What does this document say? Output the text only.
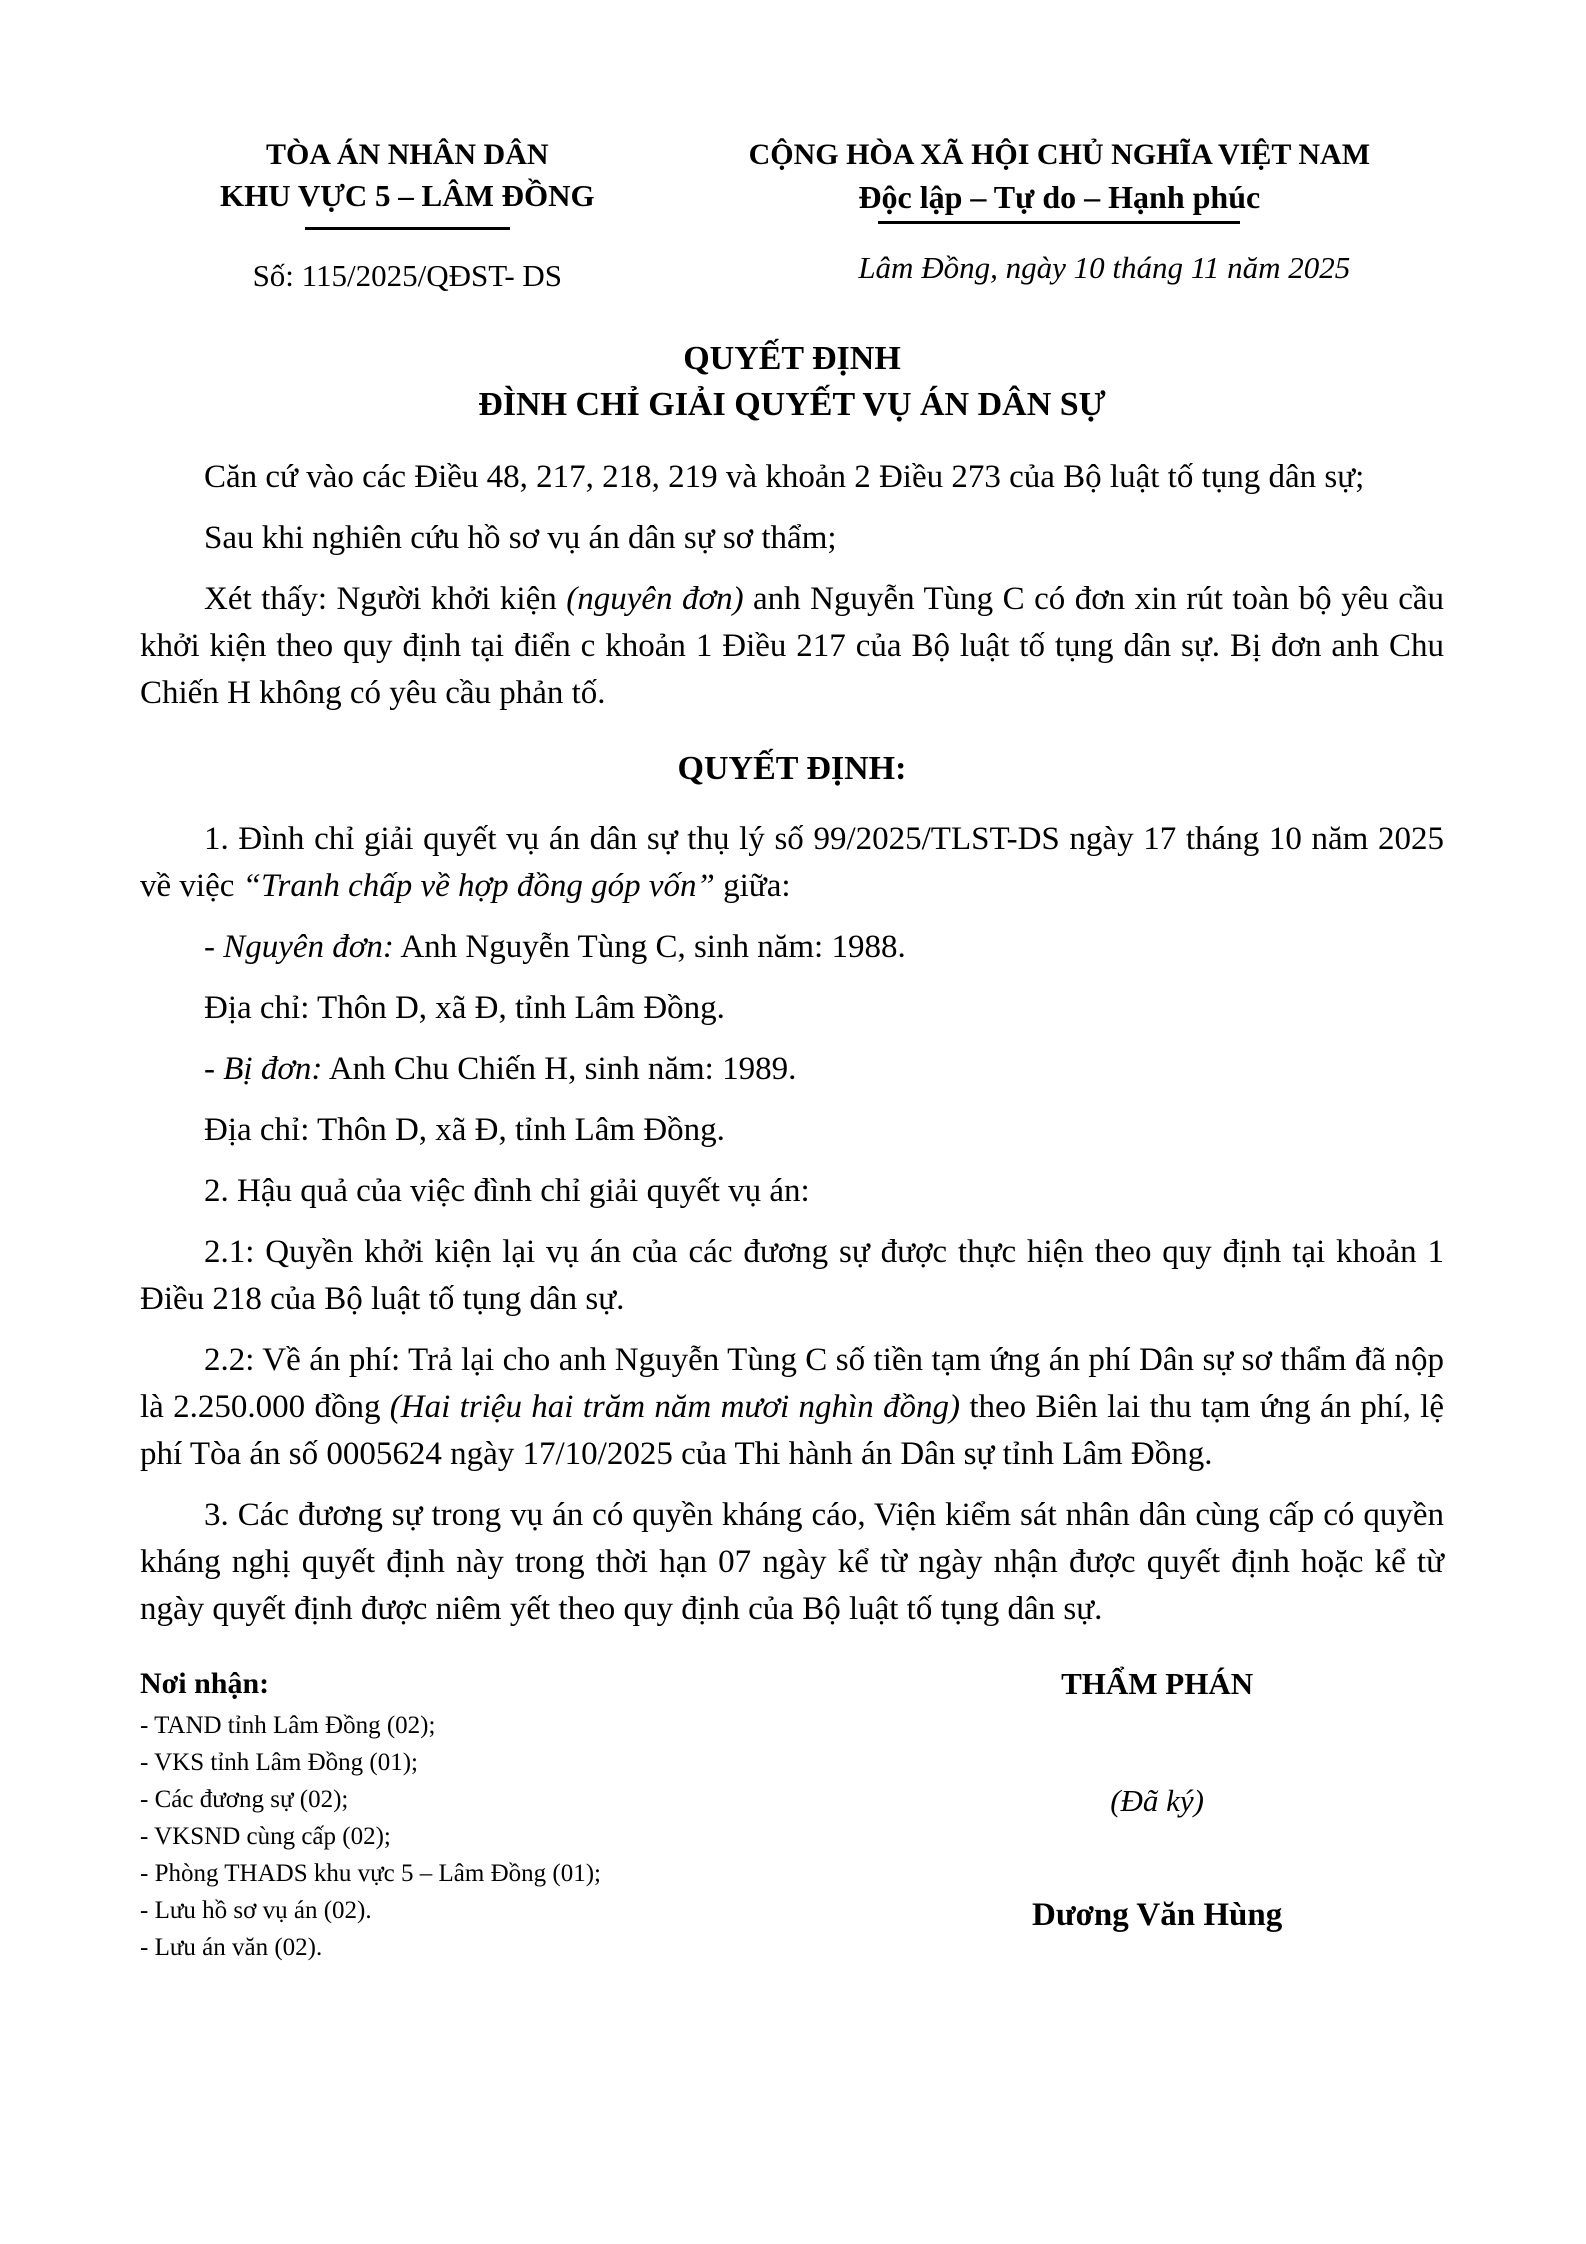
TÒA ÁN NHÂN DÂN
KHU VỰC 5 – LÂM ĐỒNG
Số: 115/2025/QĐST- DS
CỘNG HÒA XÃ HỘI CHỦ NGHĨA VIỆT NAM
Độc lập – Tự do – Hạnh phúc
Lâm Đồng, ngày 10 tháng 11 năm 2025
QUYẾT ĐỊNH
ĐÌNH CHỈ GIẢI QUYẾT VỤ ÁN DÂN SỰ

Căn cứ vào các Điều 48, 217, 218, 219 và khoản 2 Điều 273 của Bộ luật tố tụng dân sự;

Sau khi nghiên cứu hồ sơ vụ án dân sự sơ thẩm;

Xét thấy: Người khởi kiện (nguyên đơn) anh Nguyễn Tùng C có đơn xin rút toàn bộ yêu cầu khởi kiện theo quy định tại điển c khoản 1 Điều 217 của Bộ luật tố tụng dân sự. Bị đơn anh Chu Chiến H không có yêu cầu phản tố.

QUYẾT ĐỊNH:

1. Đình chỉ giải quyết vụ án dân sự thụ lý số 99/2025/TLST-DS ngày 17 tháng 10 năm 2025 về việc “Tranh chấp về hợp đồng góp vốn” giữa:

- Nguyên đơn: Anh Nguyễn Tùng C, sinh năm: 1988.

Địa chỉ: Thôn D, xã Đ, tỉnh Lâm Đồng.

- Bị đơn: Anh Chu Chiến H, sinh năm: 1989.

Địa chỉ: Thôn D, xã Đ, tỉnh Lâm Đồng.

2. Hậu quả của việc đình chỉ giải quyết vụ án:

2.1: Quyền khởi kiện lại vụ án của các đương sự được thực hiện theo quy định tại khoản 1 Điều 218 của Bộ luật tố tụng dân sự.

2.2: Về án phí: Trả lại cho anh Nguyễn Tùng C số tiền tạm ứng án phí Dân sự sơ thẩm đã nộp là 2.250.000 đồng (Hai triệu hai trăm năm mươi nghìn đồng) theo Biên lai thu tạm ứng án phí, lệ phí Tòa án số 0005624 ngày 17/10/2025 của Thi hành án Dân sự tỉnh Lâm Đồng.

3. Các đương sự trong vụ án có quyền kháng cáo, Viện kiểm sát nhân dân cùng cấp có quyền kháng nghị quyết định này trong thời hạn 07 ngày kể từ ngày nhận được quyết định hoặc kể từ ngày quyết định được niêm yết theo quy định của Bộ luật tố tụng dân sự.

Nơi nhận:
- TAND tỉnh Lâm Đồng (02);
- VKS tỉnh Lâm Đồng (01);
- Các đương sự (02);
- VKSND cùng cấp (02);
- Phòng THADS khu vực 5 – Lâm Đồng (01);
- Lưu hồ sơ vụ án (02).
- Lưu án văn (02).
THẨM PHÁN
(Đã ký)
Dương Văn Hùng
